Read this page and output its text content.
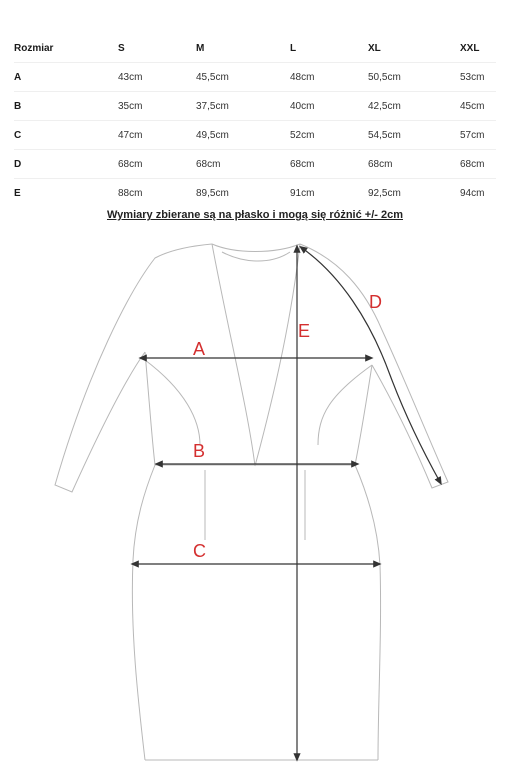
Rozmiar	S	M	L	XL	XXL
A	43cm	45,5cm	48cm	50,5cm	53cm
B	35cm	37,5cm	40cm	42,5cm	45cm
C	47cm	49,5cm	52cm	54,5cm	57cm
D	68cm	68cm	68cm	68cm	68cm
E	88cm	89,5cm	91cm	92,5cm	94cm
Wymiary zbierane są na płasko i mogą się różnić +/- 2cm
A
B
C
D
E
